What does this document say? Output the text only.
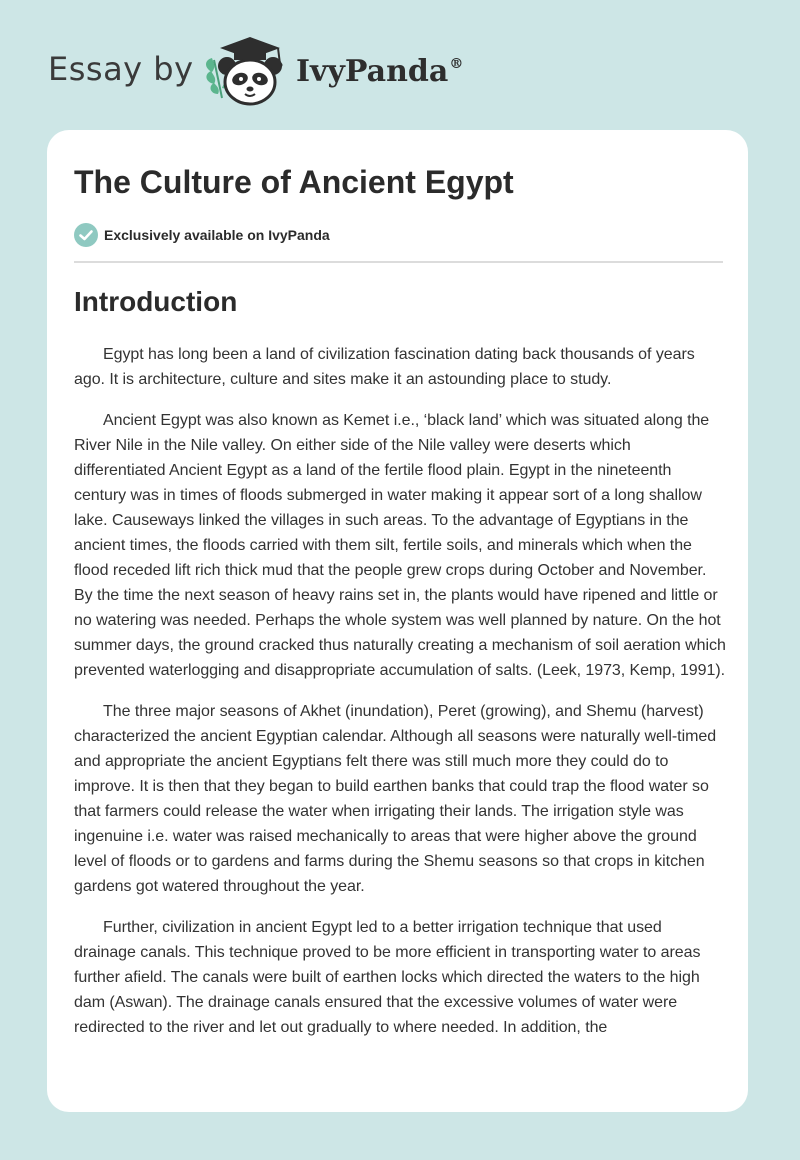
Essay by	IvyPanda®
The Culture of Ancient Egypt
Exclusively available on IvyPanda
Introduction

Egypt has long been a land of civilization fascination dating back thousands of years ago. It is architecture, culture and sites make it an astounding place to study.

Ancient Egypt was also known as Kemet i.e., ‘black land’ which was situated along the River Nile in the Nile valley. On either side of the Nile valley were deserts which differentiated Ancient Egypt as a land of the fertile flood plain. Egypt in the nineteenth century was in times of floods submerged in water making it appear sort of a long shallow lake. Causeways linked the villages in such areas. To the advantage of Egyptians in the ancient times, the floods carried with them silt, fertile soils, and minerals which when the flood receded lift rich thick mud that the people grew crops during October and November. By the time the next season of heavy rains set in, the plants would have ripened and little or no watering was needed. Perhaps the whole system was well planned by nature. On the hot summer days, the ground cracked thus naturally creating a mechanism of soil aeration which prevented waterlogging and disappropriate accumulation of salts. (Leek, 1973, Kemp, 1991).

The three major seasons of Akhet (inundation), Peret (growing), and Shemu (harvest) characterized the ancient Egyptian calendar. Although all seasons were naturally well-timed and appropriate the ancient Egyptians felt there was still much more they could do to improve. It is then that they began to build earthen banks that could trap the flood water so that farmers could release the water when irrigating their lands. The irrigation style was ingenuine i.e. water was raised mechanically to areas that were higher above the ground level of floods or to gardens and farms during the Shemu seasons so that crops in kitchen gardens got watered throughout the year.

Further, civilization in ancient Egypt led to a better irrigation technique that used drainage canals. This technique proved to be more efficient in transporting water to areas further afield. The canals were built of earthen locks which directed the waters to the high dam (Aswan). The drainage canals ensured that the excessive volumes of water were redirected to the river and let out gradually to where needed. In addition, the
